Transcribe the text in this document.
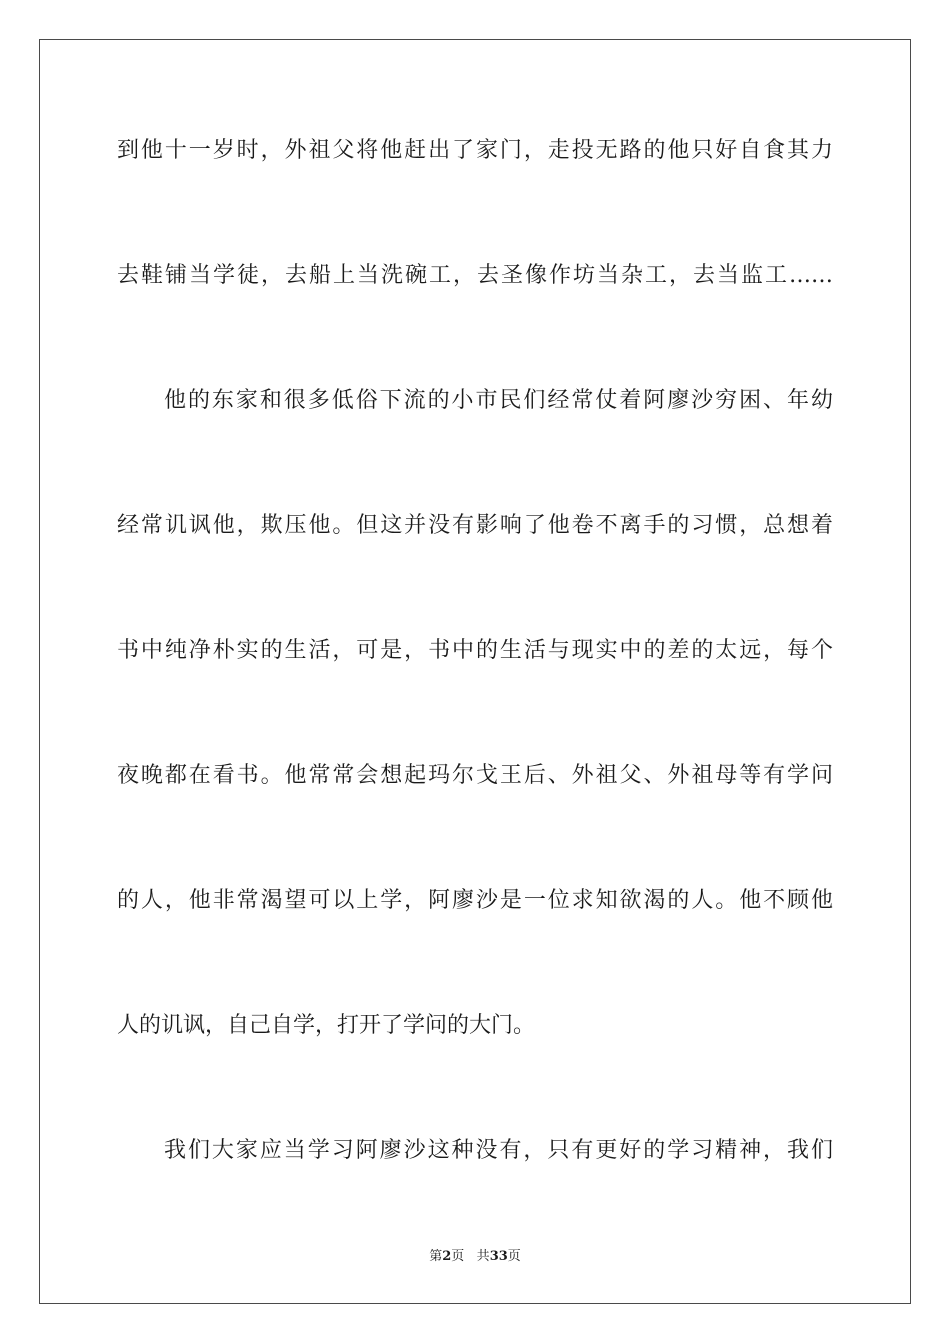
到他十一岁时，外祖父将他赶出了家门，走投无路的他只好自食其力

去鞋铺当学徒，去船上当洗碗工，去圣像作坊当杂工，去当监工……

他的东家和很多低俗下流的小市民们经常仗着阿廖沙穷困、年幼

经常讥讽他，欺压他。但这并没有影响了他卷不离手的习惯，总想着

书中纯净朴实的生活，可是，书中的生活与现实中的差的太远，每个

夜晚都在看书。他常常会想起玛尔戈王后、外祖父、外祖母等有学问

的人，他非常渴望可以上学，阿廖沙是一位求知欲渴的人。他不顾他

人的讥讽，自己自学，打开了学问的大门。

我们大家应当学习阿廖沙这种没有，只有更好的学习精神，我们

第2页 共33页
